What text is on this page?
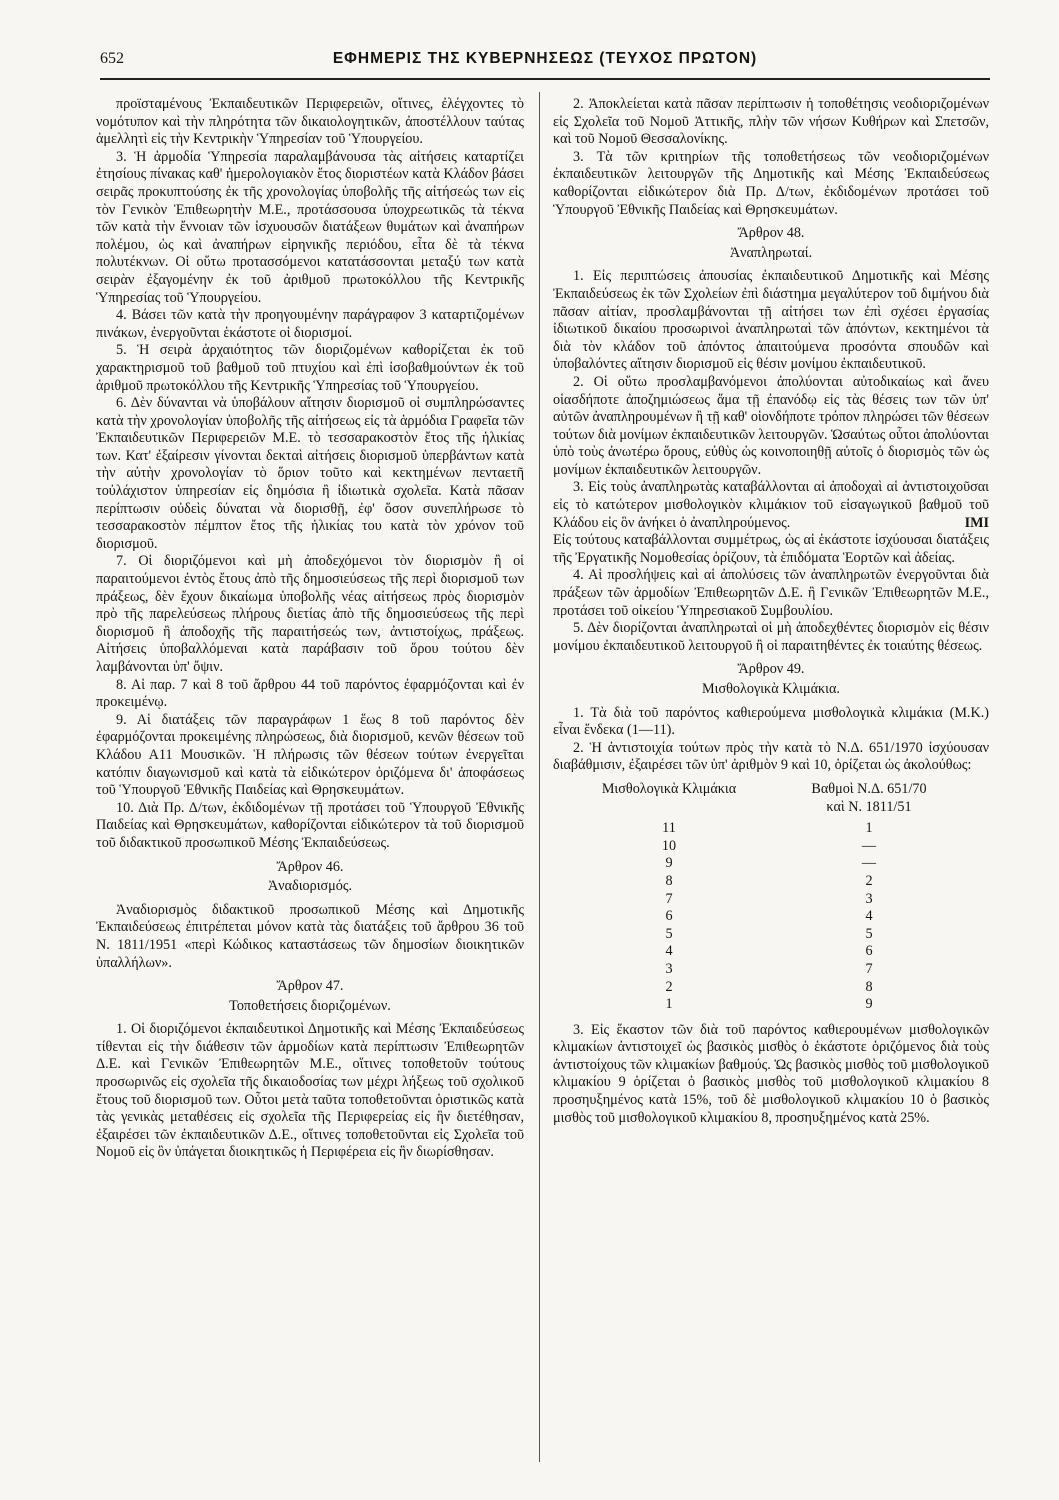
652	ΕΦΗΜΕΡΙΣ ΤΗΣ ΚΥΒΕΡΝΗΣΕΩΣ (ΤΕΥΧΟΣ ΠΡΩΤΟΝ)

προϊσταμένους Ἐκπαιδευτικῶν Περιφερειῶν, οἵτινες, ἐλέγχοντες τὸ νομότυπον καὶ τὴν πληρότητα τῶν δικαιολογητικῶν, ἀποστέλλουν ταύτας ἀμελλητὶ εἰς τὴν Κεντρικὴν Ὑπηρεσίαν τοῦ Ὑπουργείου.

3. Ἡ ἁρμοδία Ὑπηρεσία παραλαμβάνουσα τὰς αἰτήσεις καταρτίζει ἐτησίους πίνακας καθ' ἡμερολογιακὸν ἔτος διοριστέων κατὰ Κλάδον βάσει σειρᾶς προκυπτούσης ἐκ τῆς χρονολογίας ὑποβολῆς τῆς αἰτήσεώς των εἰς τὸν Γενικὸν Ἐπιθεωρητὴν Μ.Ε., προτάσσουσα ὑποχρεωτικῶς τὰ τέκνα τῶν κατὰ τὴν ἔννοιαν τῶν ἰσχυουσῶν διατάξεων θυμάτων καὶ ἀναπήρων πολέμου, ὡς καὶ ἀναπήρων εἰρηνικῆς περιόδου, εἶτα δὲ τὰ τέκνα πολυτέκνων. Οἱ οὕτω προτασσόμενοι κατατάσσονται μεταξύ των κατὰ σειρὰν ἐξαγομένην ἐκ τοῦ ἀριθμοῦ πρωτοκόλλου τῆς Κεντρικῆς Ὑπηρεσίας τοῦ Ὑπουργείου.

4. Βάσει τῶν κατὰ τὴν προηγουμένην παράγραφον 3 καταρτιζομένων πινάκων, ἐνεργοῦνται ἑκάστοτε οἱ διορισμοί.

5. Ἡ σειρὰ ἀρχαιότητος τῶν διοριζομένων καθορίζεται ἐκ τοῦ χαρακτηρισμοῦ τοῦ βαθμοῦ τοῦ πτυχίου καὶ ἐπὶ ἰσοβαθμούντων ἐκ τοῦ ἀριθμοῦ πρωτοκόλλου τῆς Κεντρικῆς Ὑπηρεσίας τοῦ Ὑπουργείου.

6. Δὲν δύνανται νὰ ὑποβάλουν αἴτησιν διορισμοῦ οἱ συμπληρώσαντες κατὰ τὴν χρονολογίαν ὑποβολῆς τῆς αἰτήσεως εἰς τὰ ἁρμόδια Γραφεῖα τῶν Ἐκπαιδευτικῶν Περιφερειῶν Μ.Ε. τὸ τεσσαρακοστὸν ἔτος τῆς ἡλικίας των. Κατ' ἐξαίρεσιν γίνονται δεκταὶ αἰτήσεις διορισμοῦ ὑπερβάντων κατὰ τὴν αὐτὴν χρονολογίαν τὸ ὅριον τοῦτο καὶ κεκτημένων πενταετῆ τοὐλάχιστον ὑπηρεσίαν εἰς δημόσια ἢ ἰδιωτικὰ σχολεῖα. Κατὰ πᾶσαν περίπτωσιν οὐδεὶς δύναται νὰ διορισθῇ, ἐφ' ὅσον συνεπλήρωσε τὸ τεσσαρακοστὸν πέμπτον ἔτος τῆς ἡλικίας του κατὰ τὸν χρόνον τοῦ διορισμοῦ.

7. Οἱ διοριζόμενοι καὶ μὴ ἀποδεχόμενοι τὸν διορισμὸν ἢ οἱ παραιτούμενοι ἐντὸς ἔτους ἀπὸ τῆς δημοσιεύσεως τῆς περὶ διορισμοῦ των πράξεως, δὲν ἔχουν δικαίωμα ὑποβολῆς νέας αἰτήσεως πρὸς διορισμὸν πρὸ τῆς παρελεύσεως πλήρους διετίας ἀπὸ τῆς δημοσιεύσεως τῆς περὶ διορισμοῦ ἢ ἀποδοχῆς τῆς παραιτήσεώς των, ἀντιστοίχως, πράξεως. Αἰτήσεις ὑποβαλλόμεναι κατὰ παράβασιν τοῦ ὅρου τούτου δὲν λαμβάνονται ὑπ' ὄψιν.

8. Αἱ παρ. 7 καὶ 8 τοῦ ἄρθρου 44 τοῦ παρόντος ἐφαρμόζονται καὶ ἐν προκειμένῳ.

9. Αἱ διατάξεις τῶν παραγράφων 1 ἕως 8 τοῦ παρόντος δὲν ἐφαρμόζονται προκειμένης πληρώσεως, διὰ διορισμοῦ, κενῶν θέσεων τοῦ Κλάδου Α11 Μουσικῶν. Ἡ πλήρωσις τῶν θέσεων τούτων ἐνεργεῖται κατόπιν διαγωνισμοῦ καὶ κατὰ τὰ εἰδικώτερον ὁριζόμενα δι' ἀποφάσεως τοῦ Ὑπουργοῦ Ἐθνικῆς Παιδείας καὶ Θρησκευμάτων.

10. Διὰ Πρ. Δ/των, ἐκδιδομένων τῇ προτάσει τοῦ Ὑπουργοῦ Ἐθνικῆς Παιδείας καὶ Θρησκευμάτων, καθορίζονται εἰδικώτερον τὰ τοῦ διορισμοῦ τοῦ διδακτικοῦ προσωπικοῦ Μέσης Ἐκπαιδεύσεως.

Ἄρθρον 46.

Ἀναδιορισμός.

Ἀναδιορισμὸς διδακτικοῦ προσωπικοῦ Μέσης καὶ Δημοτικῆς Ἐκπαιδεύσεως ἐπιτρέπεται μόνον κατὰ τὰς διατάξεις τοῦ ἄρθρου 36 τοῦ Ν. 1811/1951 «περὶ Κώδικος καταστάσεως τῶν δημοσίων διοικητικῶν ὑπαλλήλων».

Ἄρθρον 47.

Τοποθετήσεις διοριζομένων.

1. Οἱ διοριζόμενοι ἐκπαιδευτικοὶ Δημοτικῆς καὶ Μέσης Ἐκπαιδεύσεως τίθενται εἰς τὴν διάθεσιν τῶν ἁρμοδίων κατὰ περίπτωσιν Ἐπιθεωρητῶν Δ.Ε. καὶ Γενικῶν Ἐπιθεωρητῶν Μ.Ε., οἵτινες τοποθετοῦν τούτους προσωρινῶς εἰς σχολεῖα τῆς δικαιοδοσίας των μέχρι λήξεως τοῦ σχολικοῦ ἔτους τοῦ διορισμοῦ των. Οὗτοι μετὰ ταῦτα τοποθετοῦνται ὁριστικῶς κατὰ τὰς γενικὰς μεταθέσεις εἰς σχολεῖα τῆς Περιφερείας εἰς ἣν διετέθησαν, ἐξαιρέσει τῶν ἐκπαιδευτικῶν Δ.Ε., οἵτινες τοποθετοῦνται εἰς Σχολεῖα τοῦ Νομοῦ εἰς ὃν ὑπάγεται διοικητικῶς ἡ Περιφέρεια εἰς ἣν διωρίσθησαν.

2. Ἀποκλείεται κατὰ πᾶσαν περίπτωσιν ἡ τοποθέτησις νεοδιοριζομένων εἰς Σχολεῖα τοῦ Νομοῦ Ἀττικῆς, πλὴν τῶν νήσων Κυθήρων καὶ Σπετσῶν, καὶ τοῦ Νομοῦ Θεσσαλονίκης.

3. Τὰ τῶν κριτηρίων τῆς τοποθετήσεως τῶν νεοδιοριζομένων ἐκπαιδευτικῶν λειτουργῶν τῆς Δημοτικῆς καὶ Μέσης Ἐκπαιδεύσεως καθορίζονται εἰδικώτερον διὰ Πρ. Δ/των, ἐκδιδομένων προτάσει τοῦ Ὑπουργοῦ Ἐθνικῆς Παιδείας καὶ Θρησκευμάτων.

Ἄρθρον 48.

Ἀναπληρωταί.

1. Εἰς περιπτώσεις ἀπουσίας ἐκπαιδευτικοῦ Δημοτικῆς καὶ Μέσης Ἐκπαιδεύσεως ἐκ τῶν Σχολείων ἐπὶ διάστημα μεγαλύτερον τοῦ διμήνου διὰ πᾶσαν αἰτίαν, προσλαμβάνονται τῇ αἰτήσει των ἐπὶ σχέσει ἐργασίας ἰδιωτικοῦ δικαίου προσωρινοὶ ἀναπληρωταὶ τῶν ἀπόντων, κεκτημένοι τὰ διὰ τὸν κλάδον τοῦ ἀπόντος ἀπαιτούμενα προσόντα σπουδῶν καὶ ὑποβαλόντες αἴτησιν διορισμοῦ εἰς θέσιν μονίμου ἐκπαιδευτικοῦ.

2. Οἱ οὕτω προσλαμβανόμενοι ἀπολύονται αὐτοδικαίως καὶ ἄνευ οἱασδήποτε ἀποζημιώσεως ἅμα τῇ ἐπανόδῳ εἰς τὰς θέσεις των τῶν ὑπ' αὐτῶν ἀναπληρουμένων ἢ τῇ καθ' οἱονδήποτε τρόπον πληρώσει τῶν θέσεων τούτων διὰ μονίμων ἐκπαιδευτικῶν λειτουργῶν. Ὡσαύτως οὗτοι ἀπολύονται ὑπὸ τοὺς ἀνωτέρω ὅρους, εὐθὺς ὡς κοινοποιηθῇ αὐτοῖς ὁ διορισμὸς τῶν ὡς μονίμων ἐκπαιδευτικῶν λειτουργῶν.

3. Εἰς τοὺς ἀναπληρωτὰς καταβάλλονται αἱ ἀποδοχαὶ αἱ ἀντιστοιχοῦσαι εἰς τὸ κατώτερον μισθολογικὸν κλιμάκιον τοῦ εἰσαγωγικοῦ βαθμοῦ τοῦ Κλάδου εἰς ὃν ἀνήκει ὁ ἀναπληρούμενος.	ΙΜΙ

Εἰς τούτους καταβάλλονται συμμέτρως, ὡς αἱ ἑκάστοτε ἰσχύουσαι διατάξεις τῆς Ἐργατικῆς Νομοθεσίας ὁρίζουν, τὰ ἐπιδόματα Ἑορτῶν καὶ ἀδείας.

4. Αἱ προσλήψεις καὶ αἱ ἀπολύσεις τῶν ἀναπληρωτῶν ἐνεργοῦνται διὰ πράξεων τῶν ἁρμοδίων Ἐπιθεωρητῶν Δ.Ε. ἢ Γενικῶν Ἐπιθεωρητῶν Μ.Ε., προτάσει τοῦ οἰκείου Ὑπηρεσιακοῦ Συμβουλίου.

5. Δὲν διορίζονται ἀναπληρωταὶ οἱ μὴ ἀποδεχθέντες διορισμὸν εἰς θέσιν μονίμου ἐκπαιδευτικοῦ λειτουργοῦ ἢ οἱ παραιτηθέντες ἐκ τοιαύτης θέσεως.

Ἄρθρον 49.

Μισθολογικὰ Κλιμάκια.

1. Τὰ διὰ τοῦ παρόντος καθιερούμενα μισθολογικὰ κλιμάκια (Μ.Κ.) εἶναι ἕνδεκα (1—11).

2. Ἡ ἀντιστοιχία τούτων πρὸς τὴν κατὰ τὸ Ν.Δ. 651/1970 ἰσχύουσαν διαβάθμισιν, ἐξαιρέσει τῶν ὑπ' ἀριθμὸν 9 καὶ 10, ὁρίζεται ὡς ἀκολούθως:

Μισθολογικὰ Κλιμάκια	Βαθμοὶ Ν.Δ. 651/70
καὶ Ν. 1811/51

11	1
10	—
9	—
8	2
7	3
6	4
5	5
4	6
3	7
2	8
1	9

3. Εἰς ἕκαστον τῶν διὰ τοῦ παρόντος καθιερουμένων μισθολογικῶν κλιμακίων ἀντιστοιχεῖ ὡς βασικὸς μισθὸς ὁ ἑκάστοτε ὁριζόμενος διὰ τοὺς ἀντιστοίχους τῶν κλιμακίων βαθμούς. Ὡς βασικὸς μισθὸς τοῦ μισθολογικοῦ κλιμακίου 9 ὁρίζεται ὁ βασικὸς μισθὸς τοῦ μισθολογικοῦ κλιμακίου 8 προσηυξημένος κατὰ 15%, τοῦ δὲ μισθολογικοῦ κλιμακίου 10 ὁ βασικὸς μισθὸς τοῦ μισθολογικοῦ κλιμακίου 8, προσηυξημένος κατὰ 25%.
